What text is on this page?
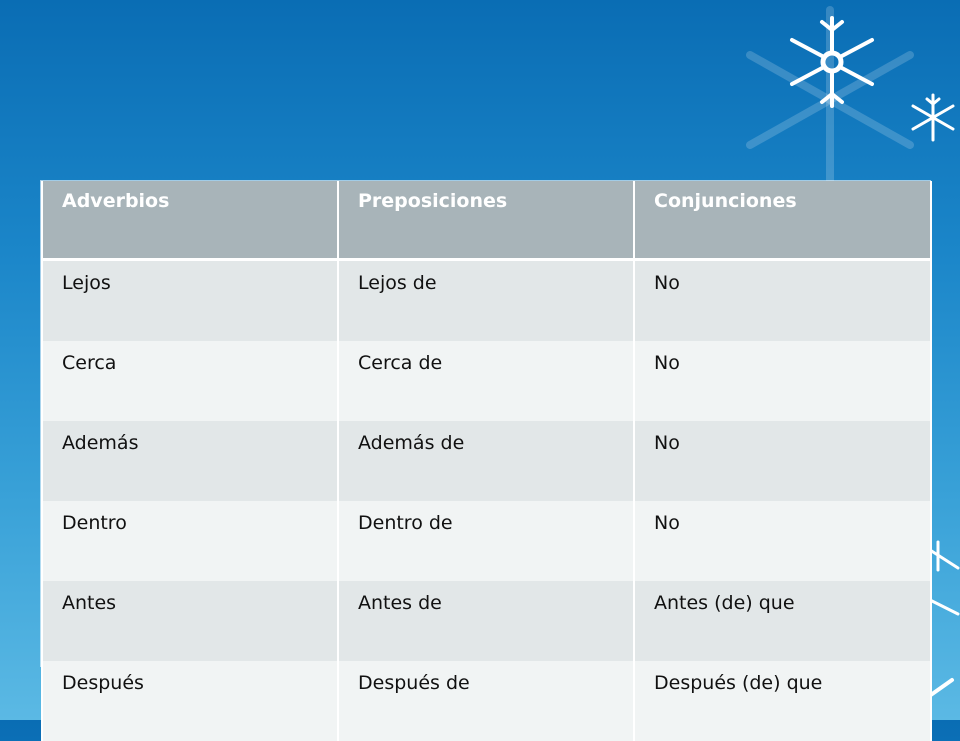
Adverbios	Preposiciones	Conjunciones
Lejos	Lejos de	No
Cerca	Cerca de	No
Además	Además de	No
Dentro	Dentro de	No
Antes	Antes de	Antes (de) que
Después	Después de	Después (de) que
